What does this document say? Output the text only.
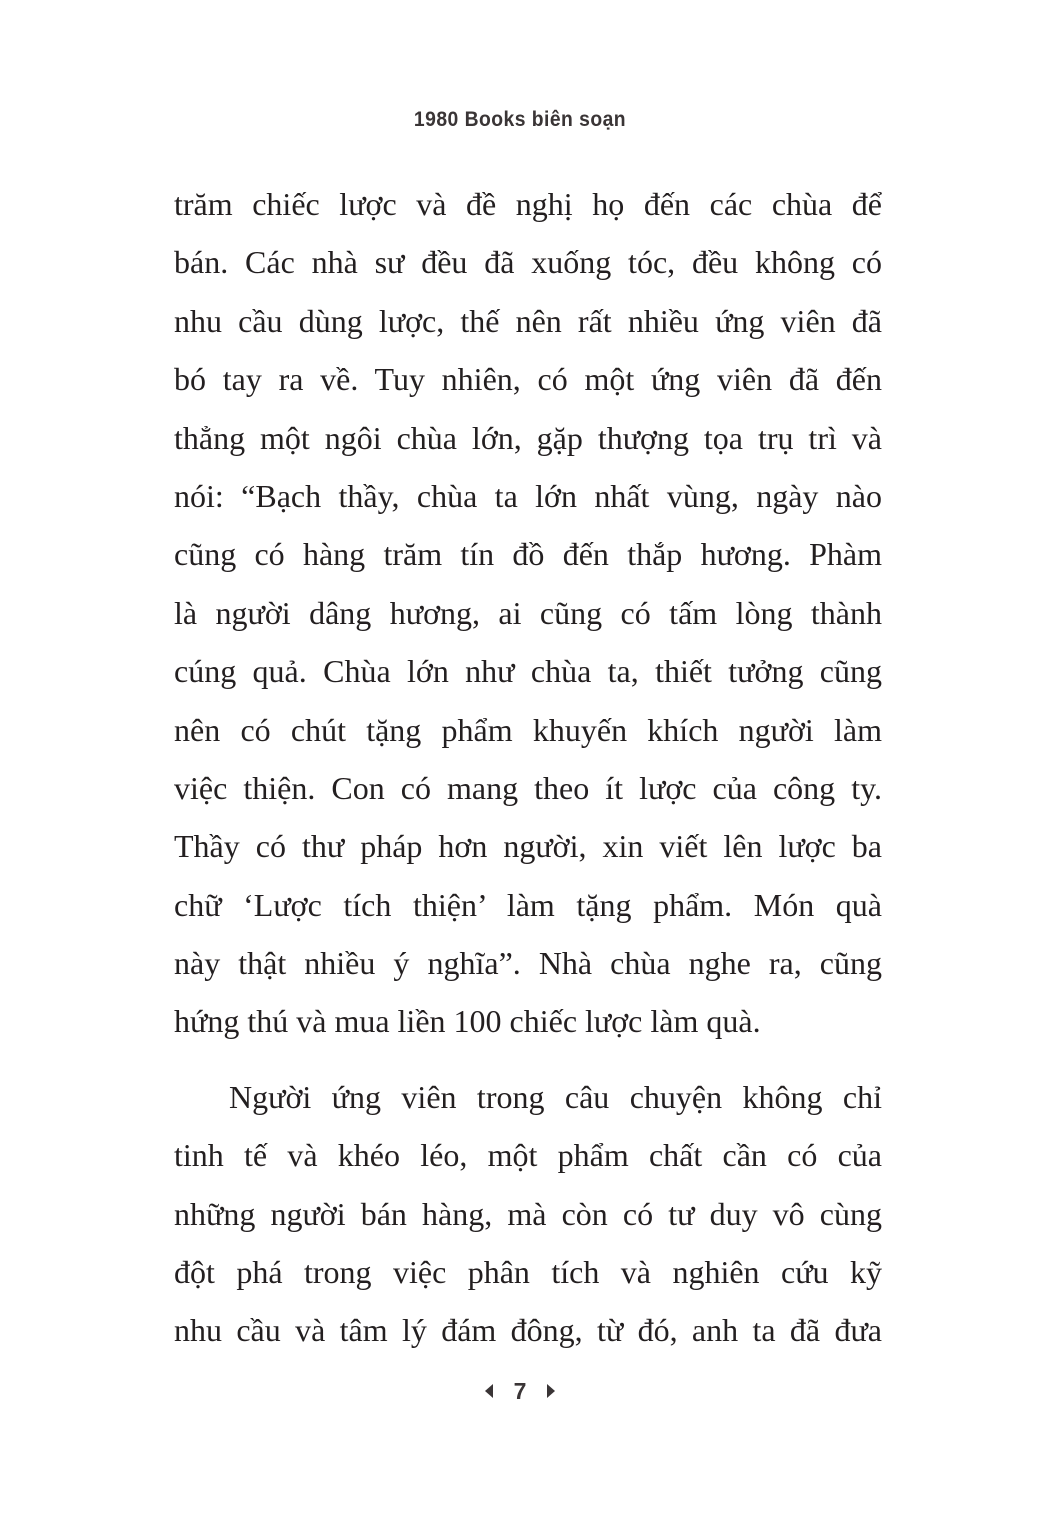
1980 Books biên soạn

trăm chiếc lược và đề nghị họ đến các chùa để
bán. Các nhà sư đều đã xuống tóc, đều không có
nhu cầu dùng lược, thế nên rất nhiều ứng viên đã
bó tay ra về. Tuy nhiên, có một ứng viên đã đến
thẳng một ngôi chùa lớn, gặp thượng tọa trụ trì và
nói: “Bạch thầy, chùa ta lớn nhất vùng, ngày nào
cũng có hàng trăm tín đồ đến thắp hương. Phàm
là người dâng hương, ai cũng có tấm lòng thành
cúng quả. Chùa lớn như chùa ta, thiết tưởng cũng
nên có chút tặng phẩm khuyến khích người làm
việc thiện. Con có mang theo ít lược của công ty.
Thầy có thư pháp hơn người, xin viết lên lược ba
chữ ‘Lược tích thiện’ làm tặng phẩm. Món quà
này thật nhiều ý nghĩa”. Nhà chùa nghe ra, cũng
hứng thú và mua liền 100 chiếc lược làm quà.

Người ứng viên trong câu chuyện không chỉ
tinh tế và khéo léo, một phẩm chất cần có của
những người bán hàng, mà còn có tư duy vô cùng
đột phá trong việc phân tích và nghiên cứu kỹ
nhu cầu và tâm lý đám đông, từ đó, anh ta đã đưa

7
